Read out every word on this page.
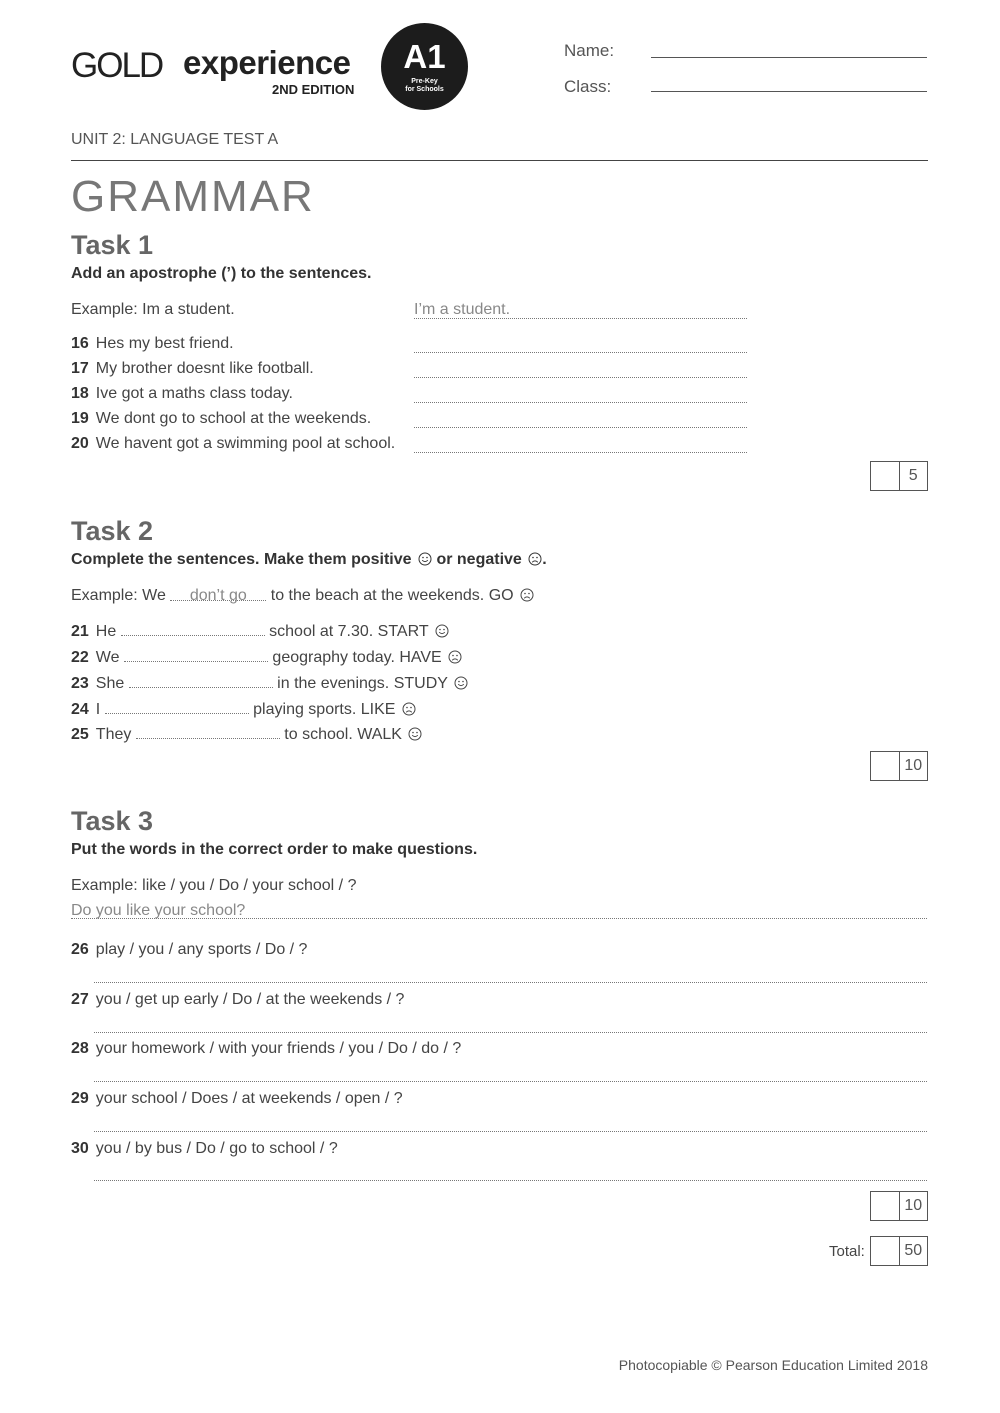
GOLD experience
2ND EDITION
A1
Pre-Key
for Schools
Name:
Class:
UNIT 2: LANGUAGE TEST A
GRAMMAR
Task 1
Add an apostrophe (’) to the sentences.
Example: Im a student.	I’m a student.
16 Hes my best friend.
17 My brother doesnt like football.
18 Ive got a maths class today.
19 We dont go to school at the weekends.
20 We havent got a swimming pool at school.
5
Task 2
Complete the sentences. Make them positive or negative .
Example: We don’t go to the beach at the weekends. GO
21 He	school at 7.30. START
22 We	geography today. HAVE
23 She	in the evenings. STUDY
24 I	playing sports. LIKE
25 They	to school. WALK
10
Task 3
Put the words in the correct order to make questions.
Example: like / you / Do / your school / ?
Do you like your school?
26 play / you / any sports / Do / ?
27 you / get up early / Do / at the weekends / ?
28 your homework / with your friends / you / Do / do / ?
29 your school / Does / at weekends / open / ?
30 you / by bus / Do / go to school / ?
10
Total:	50
Photocopiable © Pearson Education Limited 2018
